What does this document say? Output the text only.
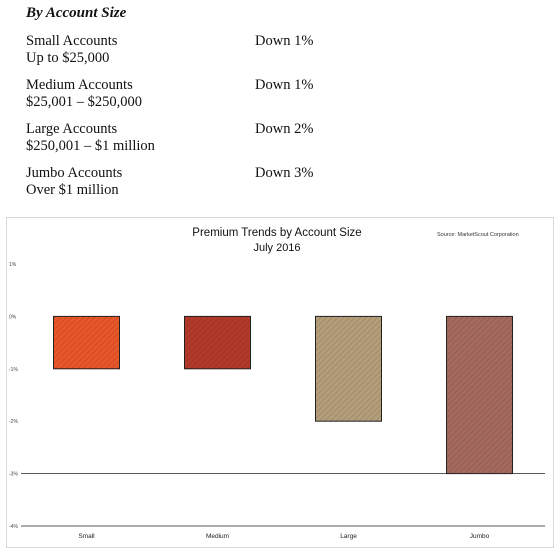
By Account Size
Small Accounts
Up to $25,000
Down 1%
Medium Accounts
$25,001 – $250,000
Down 1%
Large Accounts
$250,001 – $1 million
Down 2%
Jumbo Accounts
Over $1 million
Down 3%
Premium Trends by Account Size
July 2016
Source: MarketScout Corporation
1%
0%
-1%
-2%
-3%
-4%
Small	Medium	Large	Jumbo
